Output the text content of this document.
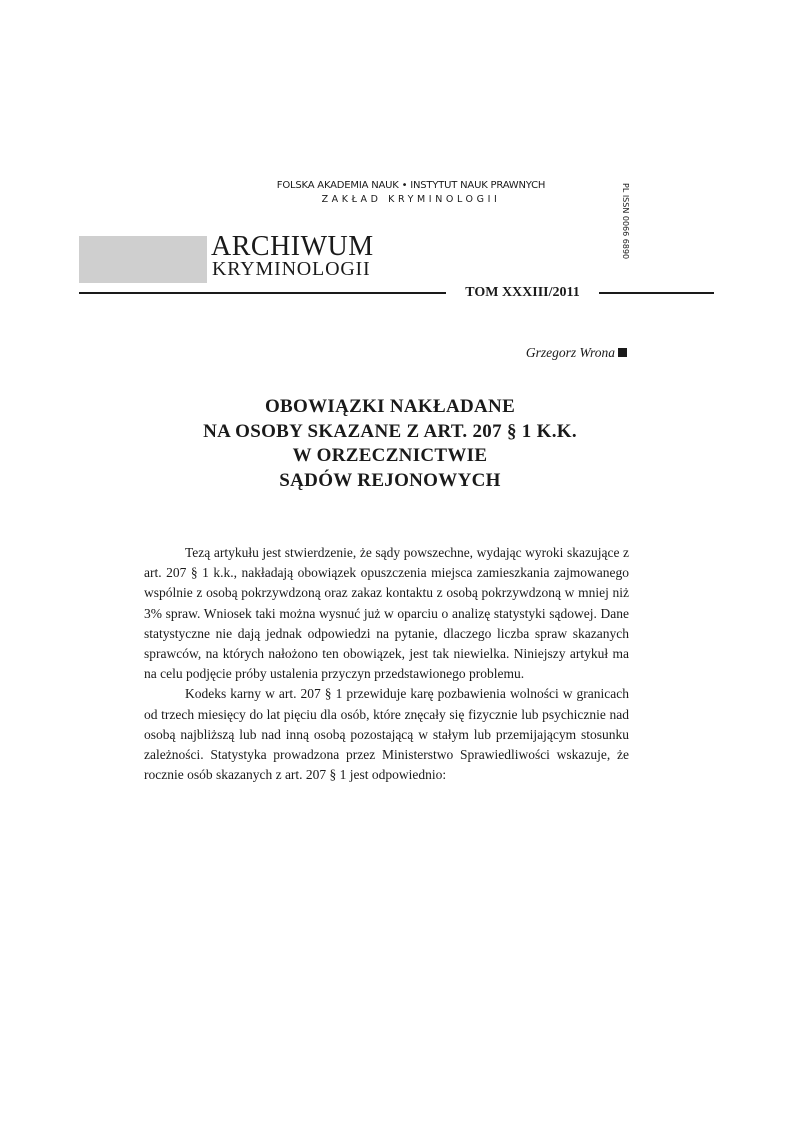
FOLSKA AKADEMIA NAUK • INSTYTUT NAUK PRAWNYCH
ZAKŁAD KRYMINOLOGII	PL ISSN 0066 6890
ARCHIWUM
KRYMINOLOGII
TOM XXXIII/2011
Grzegorz Wrona
OBOWIĄZKI NAKŁADANE
NA OSOBY SKAZANE Z ART. 207 § 1 K.K.
W ORZECZNICTWIE
SĄDÓW REJONOWYCH

Tezą artykułu jest stwierdzenie, że sądy powszechne, wydając wyroki skazujące z art. 207 § 1 k.k., nakładają obowiązek opuszczenia miejsca zamieszkania zajmowanego wspólnie z osobą pokrzywdzoną oraz zakaz kontaktu z osobą pokrzywdzoną w mniej niż 3% spraw. Wniosek taki można wysnuć już w oparciu o analizę statystyki sądowej. Dane statystyczne nie dają jednak odpowiedzi na pytanie, dlaczego liczba spraw skazanych sprawców, na których nałożono ten obowiązek, jest tak niewielka. Niniejszy artykuł ma na celu podjęcie próby ustalenia przyczyn przedstawionego problemu.

Kodeks karny w art. 207 § 1 przewiduje karę pozbawienia wolności w granicach od trzech miesięcy do lat pięciu dla osób, które znęcały się fizycznie lub psychicznie nad osobą najbliższą lub nad inną osobą pozostającą w stałym lub przemijającym stosunku zależności. Statystyka prowadzona przez Ministerstwo Sprawiedliwości wskazuje, że rocznie osób skazanych z art. 207 § 1 jest odpowiednio:
